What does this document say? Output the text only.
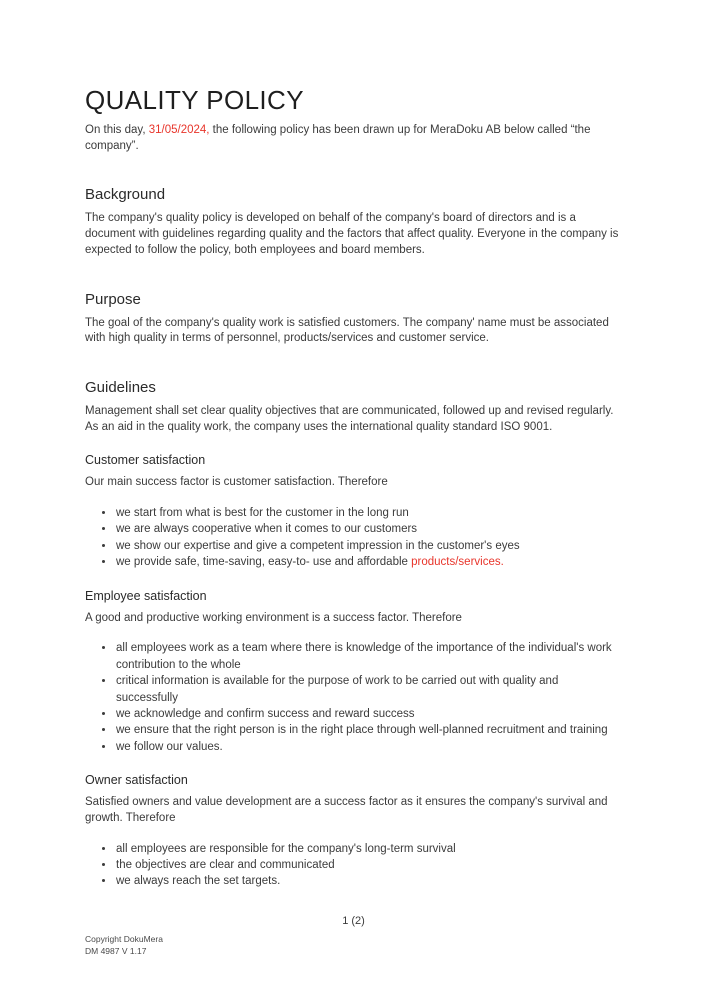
QUALITY POLICY

On this day, 31/05/2024, the following policy has been drawn up for MeraDoku AB below called “the company”.

Background

The company's quality policy is developed on behalf of the company's board of directors and is a document with guidelines regarding quality and the factors that affect quality. Everyone in the company is expected to follow the policy, both employees and board members.

Purpose

The goal of the company's quality work is satisfied customers. The company' name must be associated with high quality in terms of personnel, products/services and customer service.

Guidelines

Management shall set clear quality objectives that are communicated, followed up and revised regularly. As an aid in the quality work, the company uses the international quality standard ISO 9001.

Customer satisfaction

Our main success factor is customer satisfaction. Therefore

• we start from what is best for the customer in the long run
• we are always cooperative when it comes to our customers
• we show our expertise and give a competent impression in the customer's eyes
• we provide safe, time-saving, easy-to- use and affordable products/services.
Employee satisfaction

A good and productive working environment is a success factor. Therefore

• all employees work as a team where there is knowledge of the importance of the individual's work contribution to the whole
• critical information is available for the purpose of work to be carried out with quality and successfully
• we acknowledge and confirm success and reward success
• we ensure that the right person is in the right place through well-planned recruitment and training
• we follow our values.
Owner satisfaction

Satisfied owners and value development are a success factor as it ensures the company's survival and growth. Therefore

• all employees are responsible for the company's long-term survival
• the objectives are clear and communicated
• we always reach the set targets.
1 (2)
Copyright DokuMera
DM 4987 V 1.17
